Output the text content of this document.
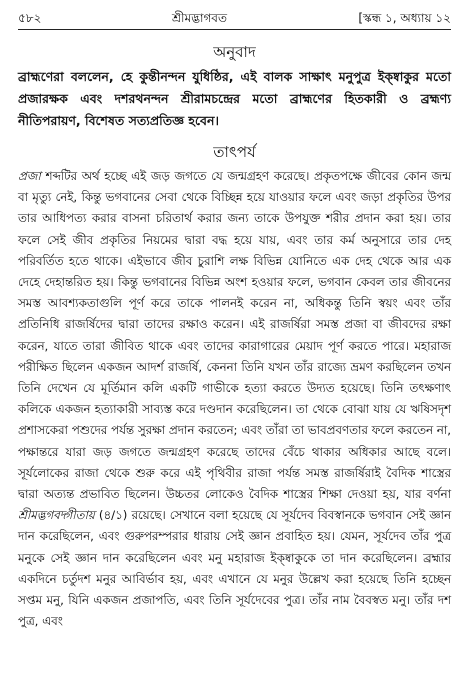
৫৮২	শ্রীমদ্ভাগবত	[স্কন্ধ ১, অধ্যায় ১২
অনুবাদ
ব্রাহ্মণেরা বললেন, হে কুন্তীনন্দন যুধিষ্ঠির, এই বালক সাক্ষাৎ মনুপুত্র ইক্ষ্বাকুর মতো প্রজারক্ষক এবং দশরথনন্দন শ্রীরামচন্দ্রের মতো ব্রাহ্মণের হিতকারী ও ব্রহ্মণ্য নীতিপরায়ণ, বিশেষত সত্যপ্রতিজ্ঞ হবেন।
তাৎপর্য
প্রজা শব্দটির অর্থ হচ্ছে এই জড় জগতে যে জন্মগ্রহণ করেছে। প্রকৃতপক্ষে জীবের কোন জন্ম বা মৃত্যু নেই, কিন্তু ভগবানের সেবা থেকে বিচ্ছিন্ন হয়ে যাওয়ার ফলে এবং জড়া প্রকৃতির উপর তার আধিপত্য করার বাসনা চরিতার্থ করার জন্য তাকে উপযুক্ত শরীর প্রদান করা হয়। তার ফলে সেই জীব প্রকৃতির নিয়মের দ্বারা বদ্ধ হয়ে যায়, এবং তার কর্ম অনুসারে তার দেহ পরিবর্তিত হতে থাকে। এইভাবে জীব চুরাশি লক্ষ বিভিন্ন যোনিতে এক দেহ থেকে আর এক দেহে দেহান্তরিত হয়। কিন্তু ভগবানের বিভিন্ন অংশ হওয়ার ফলে, ভগবান কেবল তার জীবনের সমস্ত আবশ্যকতাগুলি পূর্ণ করে তাকে পালনই করেন না, অধিকন্তু তিনি স্বয়ং এবং তাঁর প্রতিনিধি রাজর্ষিদের দ্বারা তাদের রক্ষাও করেন। এই রাজর্ষিরা সমস্ত প্রজা বা জীবদের রক্ষা করেন, যাতে তারা জীবিত থাকে এবং তাদের কারাগারের মেয়াদ পূর্ণ করতে পারে। মহারাজ পরীক্ষিত ছিলেন একজন আদর্শ রাজর্ষি, কেননা তিনি যখন তাঁর রাজ্যে ভ্রমণ করছিলেন তখন তিনি দেখেন যে মূর্তিমান কলি একটি গাভীকে হত্যা করতে উদ্যত হয়েছে। তিনি তৎক্ষণাৎ কলিকে একজন হত্যাকারী সাব্যস্ত করে দণ্ডদান করেছিলেন। তা থেকে বোঝা যায় যে ঋষিসদৃশ প্রশাসকেরা পশুদের পর্যন্ত সুরক্ষা প্রদান করতেন; এবং তাঁরা তা ভাবপ্রবণতার ফলে করতেন না, পক্ষান্তরে যারা জড় জগতে জন্মগ্রহণ করেছে তাদের বেঁচে থাকার অধিকার আছে বলে। সূর্যলোকের রাজা থেকে শুরু করে এই পৃথিবীর রাজা পর্যন্ত সমস্ত রাজর্ষিরাই বৈদিক শাস্ত্রের দ্বারা অত্যন্ত প্রভাবিত ছিলেন। উচ্চতর লোকেও বৈদিক শাস্ত্রের শিক্ষা দেওয়া হয়, যার বর্ণনা শ্রীমদ্ভগবদ্গীতায় (৪/১) রয়েছে। সেখানে বলা হয়েছে যে সূর্যদেব বিবস্বানকে ভগবান সেই জ্ঞান দান করেছিলেন, এবং গুরুপরম্পরার ধারায় সেই জ্ঞান প্রবাহিত হয়। যেমন, সূর্যদেব তাঁর পুত্র মনুকে সেই জ্ঞান দান করেছিলেন এবং মনু মহারাজ ইক্ষ্বাকুকে তা দান করেছিলেন। ব্রহ্মার একদিনে চর্তুদশ মনুর আবির্ভাব হয়, এবং এখানে যে মনুর উল্লেখ করা হয়েছে তিনি হচ্ছেন সপ্তম মনু, যিনি একজন প্রজাপতি, এবং তিনি সূর্যদেবের পুত্র। তাঁর নাম বৈবস্বত মনু। তাঁর দশ পুত্র, এবং
